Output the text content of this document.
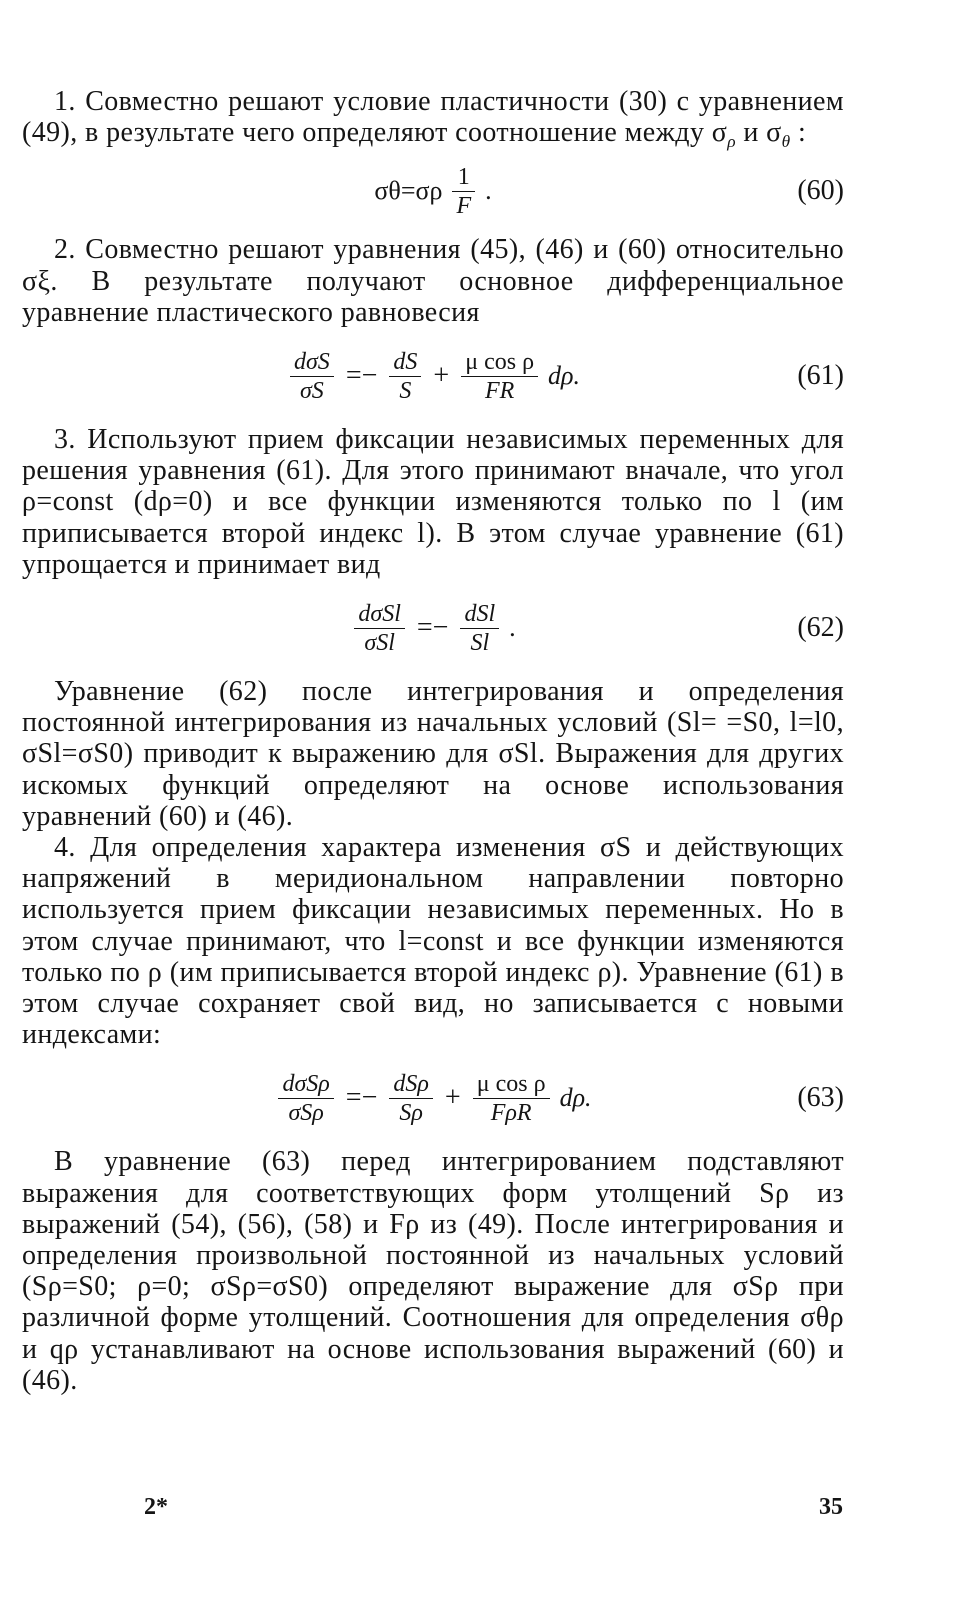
1. Совместно решают условие пластичности (30) с уравнением (49), в результате чего определяют соотношение между $\sigma_\rho$ и $\sigma_\theta$ :

$\sigma\theta=\sigma\rho \frac{1}{F}$ .	(60)

2. Совместно решают уравнения (45), (46) и (60) относительно σξ. В результате получают основное дифференциальное уравнение пластического равновесия

$\frac{\text{dσS}}{\sigma S} =- \frac{dS}{S} + \frac{\text{μ cos ρ}}{FR} d\rho$.	(61)

3. Используют прием фиксации независимых переменных для решения уравнения (61). Для этого принимают вначале, что угол ρ=const (dρ=0) и все функции изменяются только по l (им приписывается второй индекс l). В этом случае уравнение (61) упрощается и принимает вид

$\frac{\text{dσSl}}{\text{σSl}} =- \frac{\text{dSl}}{Sl}$ .	(62)

Уравнение (62) после интегрирования и определения постоянной интегрирования из начальных условий (Sl= =S0, l=l0, σSl=σS0) приводит к выражению для σSl. Выражения для других искомых функций определяют на основе использования уравнений (60) и (46).

4. Для определения характера изменения σS и действующих напряжений в меридиональном направлении повторно используется прием фиксации независимых переменных. Но в этом случае принимают, что l=const и все функции изменяются только по ρ (им приписывается второй индекс ρ). Уравнение (61) в этом случае сохраняет свой вид, но записывается с новыми индексами:

$\frac{\text{dσSρ}}{\text{σSρ}} =- \frac{\text{dSρ}}{S\rho} + \frac{\text{μ cos ρ}}{\text{FρR}} d\rho$.	(63)

В уравнение (63) перед интегрированием подставляют выражения для соответствующих форм утолщений Sρ из выражений (54), (56), (58) и Fρ из (49). После интегрирования и определения произвольной постоянной из начальных условий (Sρ=S0; ρ=0; σSρ=σS0) определяют выражение для σSρ при различной форме утолщений. Соотношения для определения σθρ и qρ устанавливают на основе использования выражений (60) и (46).

2*	35
